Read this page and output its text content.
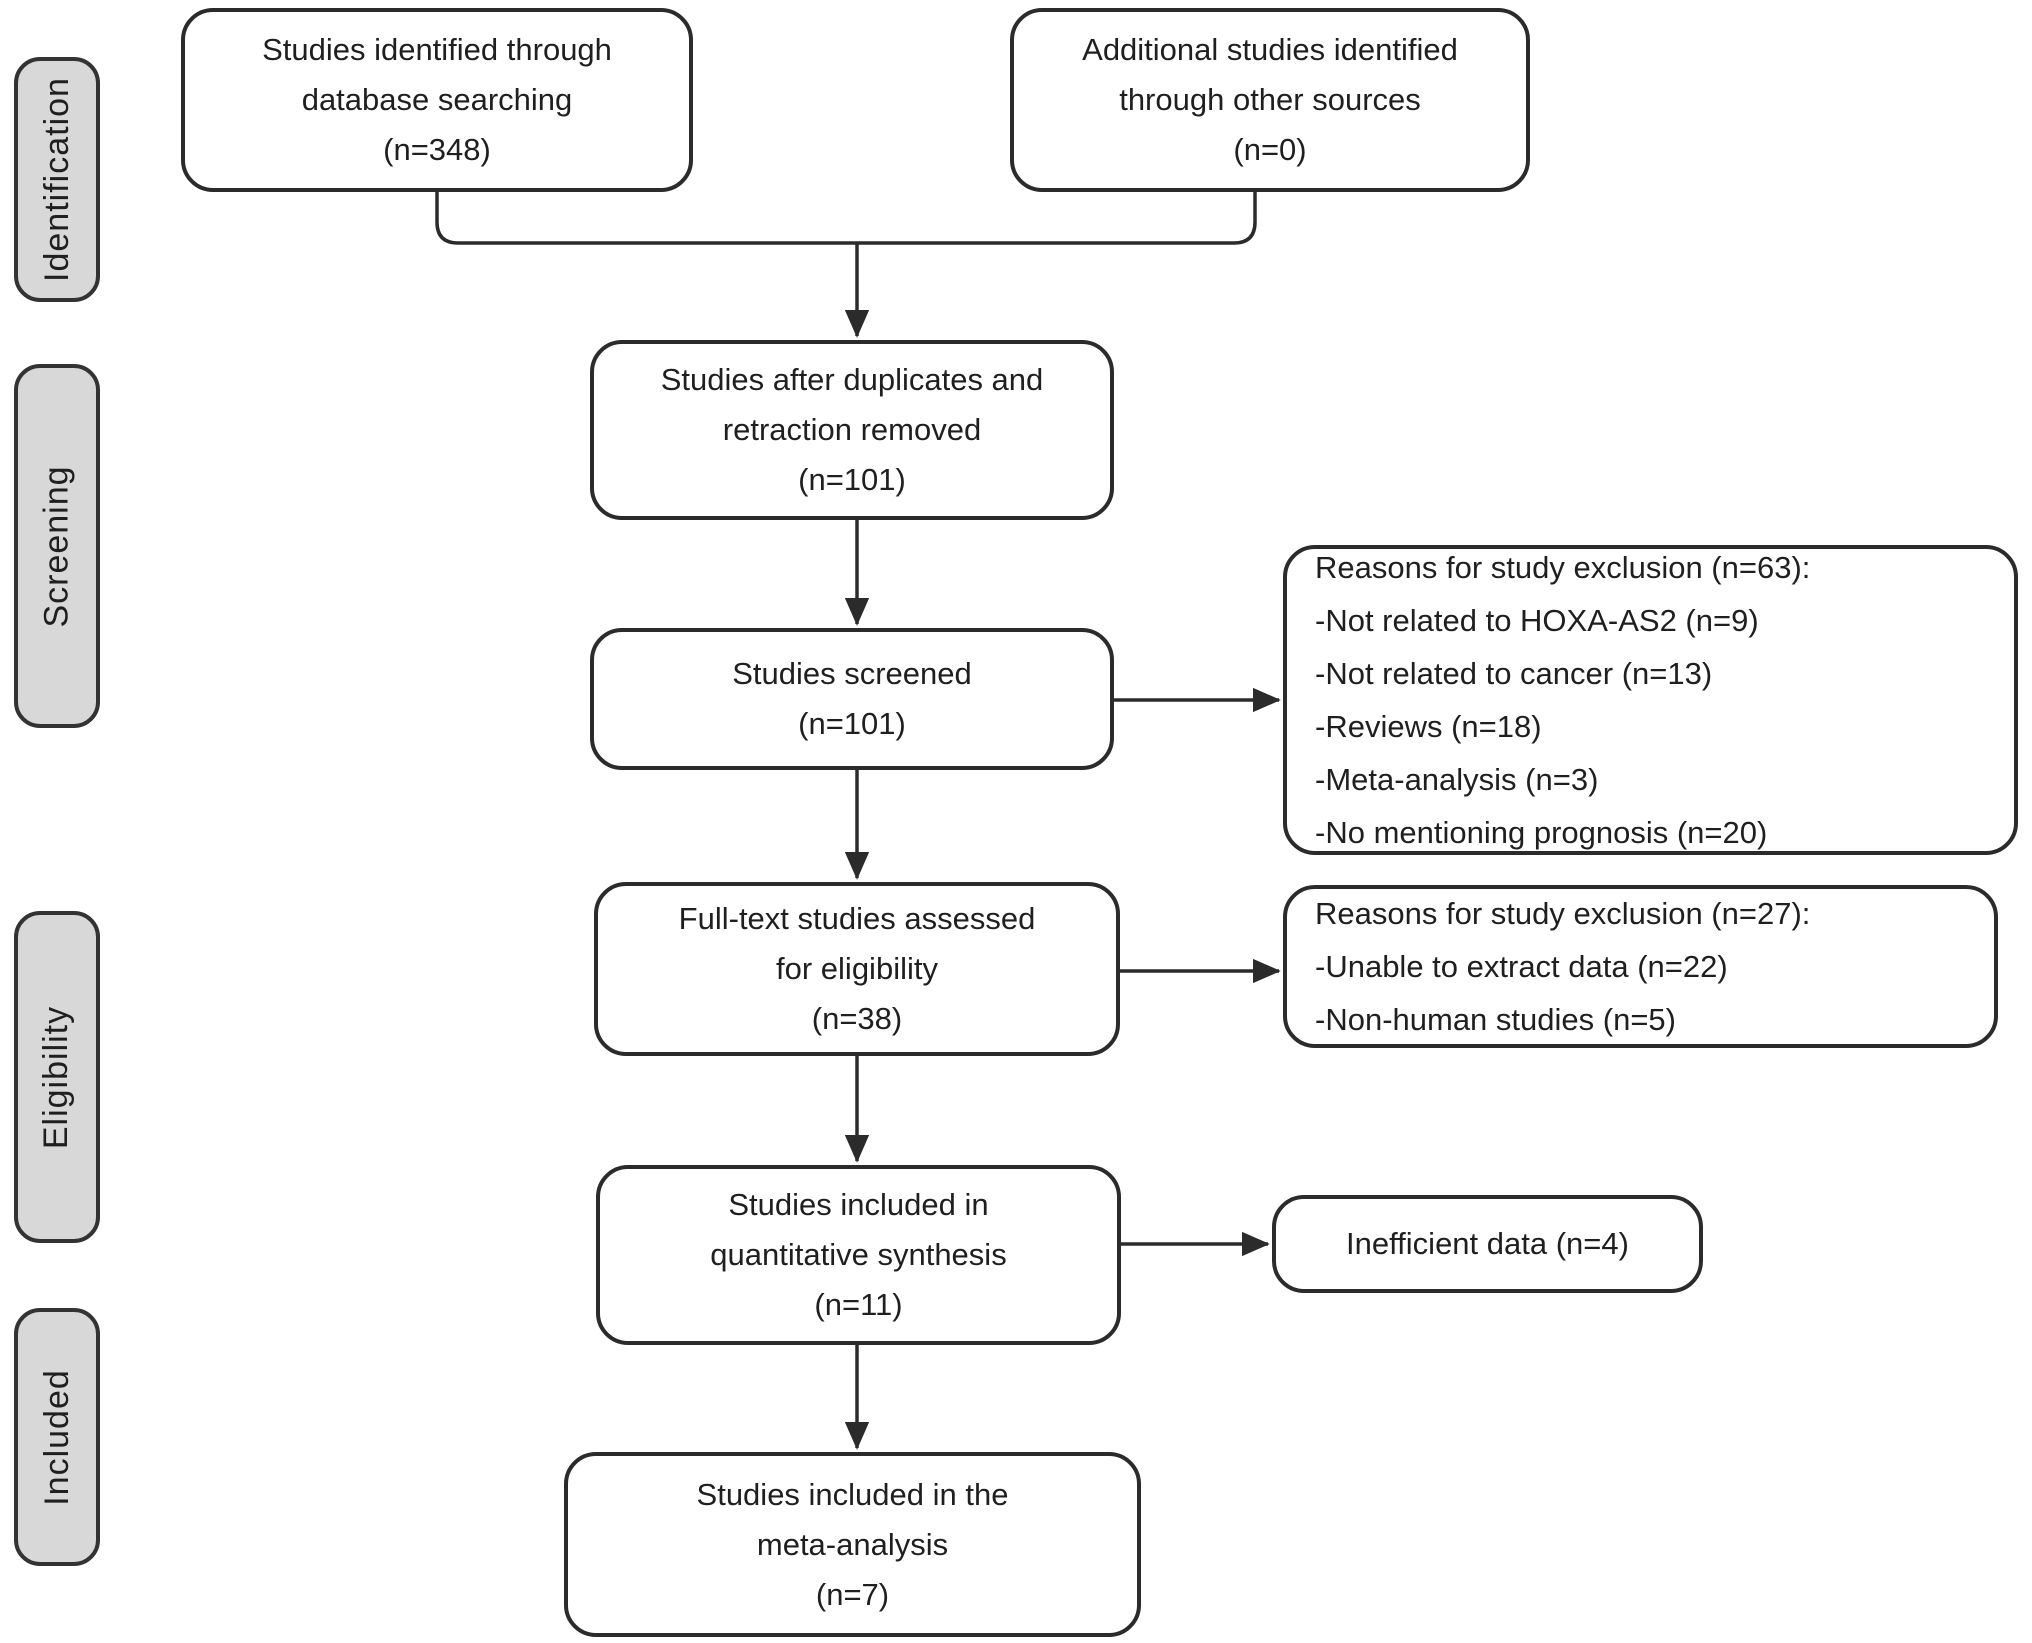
Identification
Screening
Eligibility
Included
Studies identified through
database searching
(n=348)
Additional studies identified
through other sources
(n=0)
Studies after duplicates and
retraction removed
(n=101)
Studies screened
(n=101)
Reasons for study exclusion (n=63):
-Not related to HOXA-AS2 (n=9)
-Not related to cancer (n=13)
-Reviews (n=18)
-Meta-analysis (n=3)
-No mentioning prognosis (n=20)
Full-text studies assessed
for eligibility
(n=38)
Reasons for study exclusion (n=27):
-Unable to extract data (n=22)
-Non-human studies (n=5)
Studies included in
quantitative synthesis
(n=11)
Inefficient data (n=4)
Studies included in the
meta-analysis
(n=7)
